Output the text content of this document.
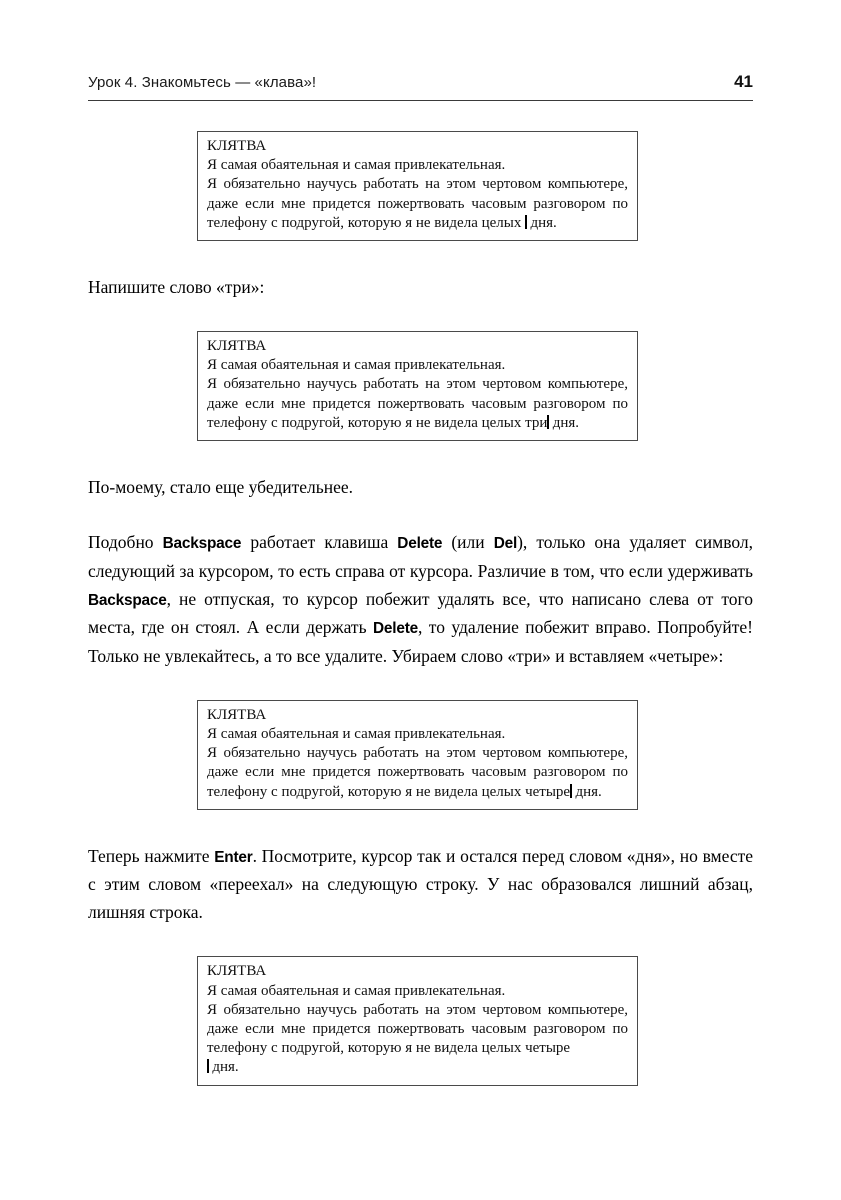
Урок 4. Знакомьтесь — «клава»!	41
КЛЯТВА
Я самая обаятельная и самая привлекательная.
Я обязательно научусь работать на этом чертовом компьютере, даже если мне придется пожертвовать часовым разговором по телефону с подругой, которую я не видела целых  дня.

Напишите слово «три»:

КЛЯТВА
Я самая обаятельная и самая привлекательная.
Я обязательно научусь работать на этом чертовом компьютере, даже если мне придется пожертвовать часовым разговором по телефону с подругой, которую я не видела целых три дня.

По-моему, стало еще убедительнее.

Подобно Backspace работает клавиша Delete (или Del), только она удаляет символ, следующий за курсором, то есть справа от курсора. Различие в том, что если удерживать Backspace, не отпуская, то курсор побежит удалять все, что написано слева от того места, где он стоял. А если держать Delete, то удаление побежит вправо. Попробуйте! Только не увлекайтесь, а то все удалите. Убираем слово «три» и вставляем «четыре»:

КЛЯТВА
Я самая обаятельная и самая привлекательная.
Я обязательно научусь работать на этом чертовом компьютере, даже если мне придется пожертвовать часовым разговором по телефону с подругой, которую я не видела целых четыре дня.

Теперь нажмите Enter. Посмотрите, курсор так и остался перед словом «дня», но вместе с этим словом «переехал» на следующую строку. У нас образовался лишний абзац, лишняя строка.

КЛЯТВА
Я самая обаятельная и самая привлекательная.
Я обязательно научусь работать на этом чертовом компьютере, даже если мне придется пожертвовать часовым разговором по телефону с подругой, которую я не видела целых четыре
дня.
